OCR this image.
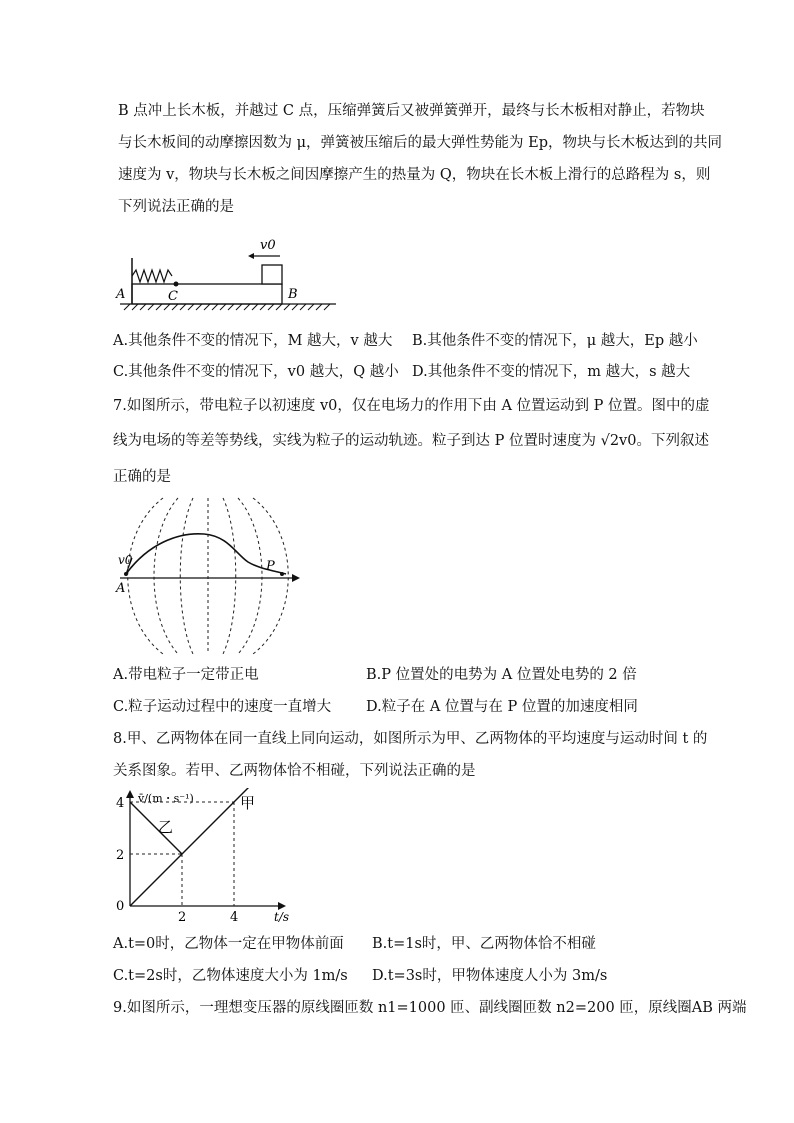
B 点冲上长木板，并越过 C 点，压缩弹簧后又被弹簧弹开，最终与长木板相对静止，若物块
与长木板间的动摩擦因数为 μ，弹簧被压缩后的最大弹性势能为 Ep，物块与长木板达到的共同
速度为 v，物块与长木板之间因摩擦产生的热量为 Q，物块在长木板上滑行的总路程为 s，则
下列说法正确的是
v0
A	C	B
A.其他条件不变的情况下，M 越大，v 越大 B.其他条件不变的情况下，μ 越大，Ep 越小
C.其他条件不变的情况下，v0 越大，Q 越小 D.其他条件不变的情况下，m 越大，s 越大
7.如图所示，带电粒子以初速度 v0，仅在电场力的作用下由 A 位置运动到 P 位置。图中的虚
线为电场的等差等势线，实线为粒子的运动轨迹。粒子到达 P 位置时速度为 √2v0。下列叙述
正确的是
v0
A
P
A.带电粒子一定带正电	B.P 位置处的电势为 A 位置处电势的 2 倍
C.粒子运动过程中的速度一直增大 D.粒子在 A 位置与在 P 位置的加速度相同
8.甲、乙两物体在同一直线上同向运动，如图所示为甲、乙两物体的平均速度与运动时间 t 的
关系图象。若甲、乙两物体恰不相碰，下列说法正确的是
0
2	4
2
4
t/s
v̄/(m・s⁻¹)	甲
乙
A.t=0时，乙物体一定在甲物体前面 B.t=1s时，甲、乙两物体恰不相碰
C.t=2s时，乙物体速度大小为 1m/s D.t=3s时，甲物体速度人小为 3m/s
9.如图所示，一理想变压器的原线圈匝数 n1=1000 匝、副线圈匝数 n2=200 匝，原线圈AB 两端
